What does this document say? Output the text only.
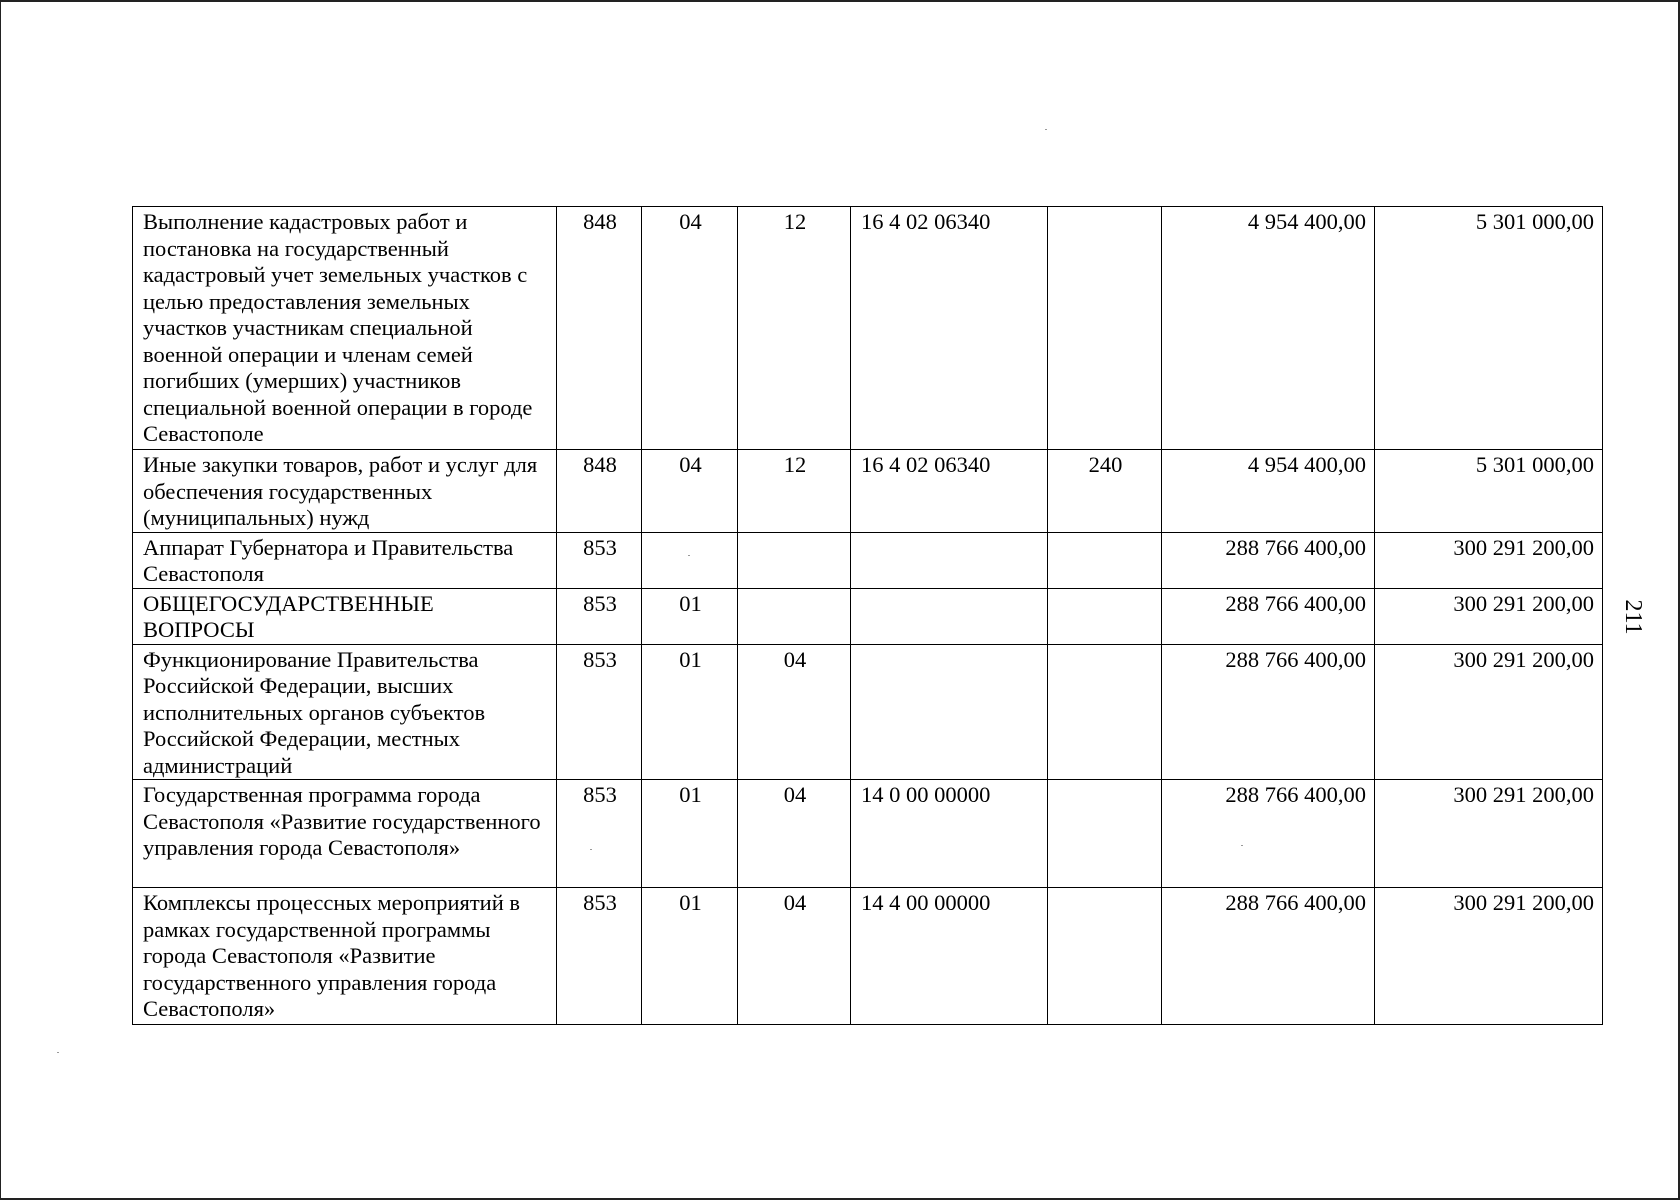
Выполнение кадастровых работ и постановка на государственный кадастровый учет земельных участков с целью предоставления земельных участков участникам специальной военной операции и членам семей погибших (умерших) участников специальной военной операции в городе Севастополе	848	04	12	16 4 02 06340		4 954 400,00	5 301 000,00
Иные закупки товаров, работ и услуг для обеспечения государственных (муниципальных) нужд	848	04	12	16 4 02 06340	240	4 954 400,00	5 301 000,00
Аппарат Губернатора и Правительства Севастополя	853					288 766 400,00	300 291 200,00
ОБЩЕГОСУДАРСТВЕННЫЕ ВОПРОСЫ	853	01				288 766 400,00	300 291 200,00
Функционирование Правительства Российской Федерации, высших исполнительных органов субъектов Российской Федерации, местных администраций	853	01	04			288 766 400,00	300 291 200,00
Государственная программа города Севастополя «Развитие государственного управления города Севастополя»	853	01	04	14 0 00 00000		288 766 400,00	300 291 200,00
Комплексы процессных мероприятий в рамках государственной программы города Севастополя «Развитие государственного управления города Севастополя»	853	01	04	14 4 00 00000		288 766 400,00	300 291 200,00
211
